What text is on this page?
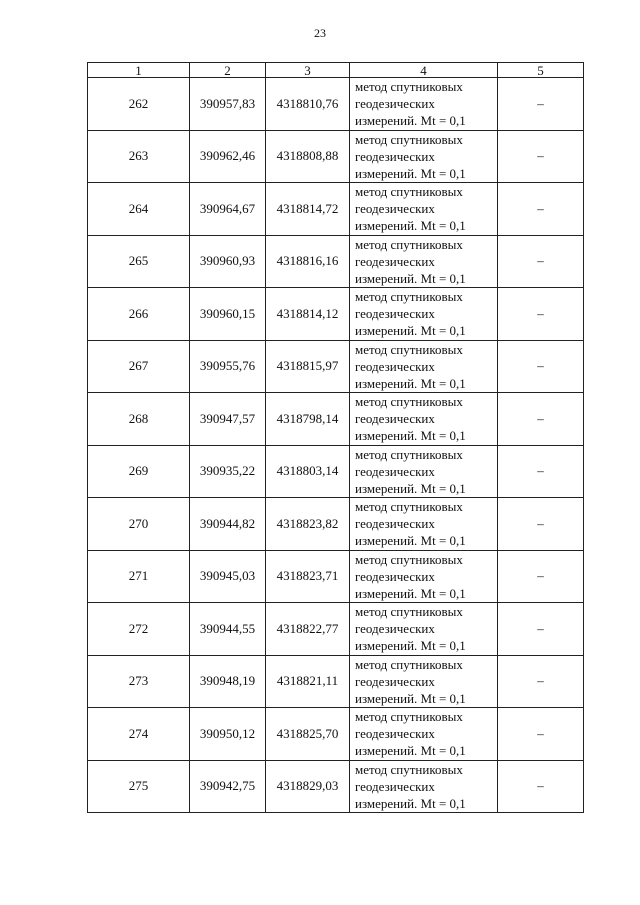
23
1	2	3	4	5
262	390957,83	4318810,76	метод спутниковых
геодезических
измерений. Mt = 0,1	–
263	390962,46	4318808,88	метод спутниковых
геодезических
измерений. Mt = 0,1	–
264	390964,67	4318814,72	метод спутниковых
геодезических
измерений. Mt = 0,1	–
265	390960,93	4318816,16	метод спутниковых
геодезических
измерений. Mt = 0,1	–
266	390960,15	4318814,12	метод спутниковых
геодезических
измерений. Mt = 0,1	–
267	390955,76	4318815,97	метод спутниковых
геодезических
измерений. Mt = 0,1	–
268	390947,57	4318798,14	метод спутниковых
геодезических
измерений. Mt = 0,1	–
269	390935,22	4318803,14	метод спутниковых
геодезических
измерений. Mt = 0,1	–
270	390944,82	4318823,82	метод спутниковых
геодезических
измерений. Mt = 0,1	–
271	390945,03	4318823,71	метод спутниковых
геодезических
измерений. Mt = 0,1	–
272	390944,55	4318822,77	метод спутниковых
геодезических
измерений. Mt = 0,1	–
273	390948,19	4318821,11	метод спутниковых
геодезических
измерений. Mt = 0,1	–
274	390950,12	4318825,70	метод спутниковых
геодезических
измерений. Mt = 0,1	–
275	390942,75	4318829,03	метод спутниковых
геодезических
измерений. Mt = 0,1	–
